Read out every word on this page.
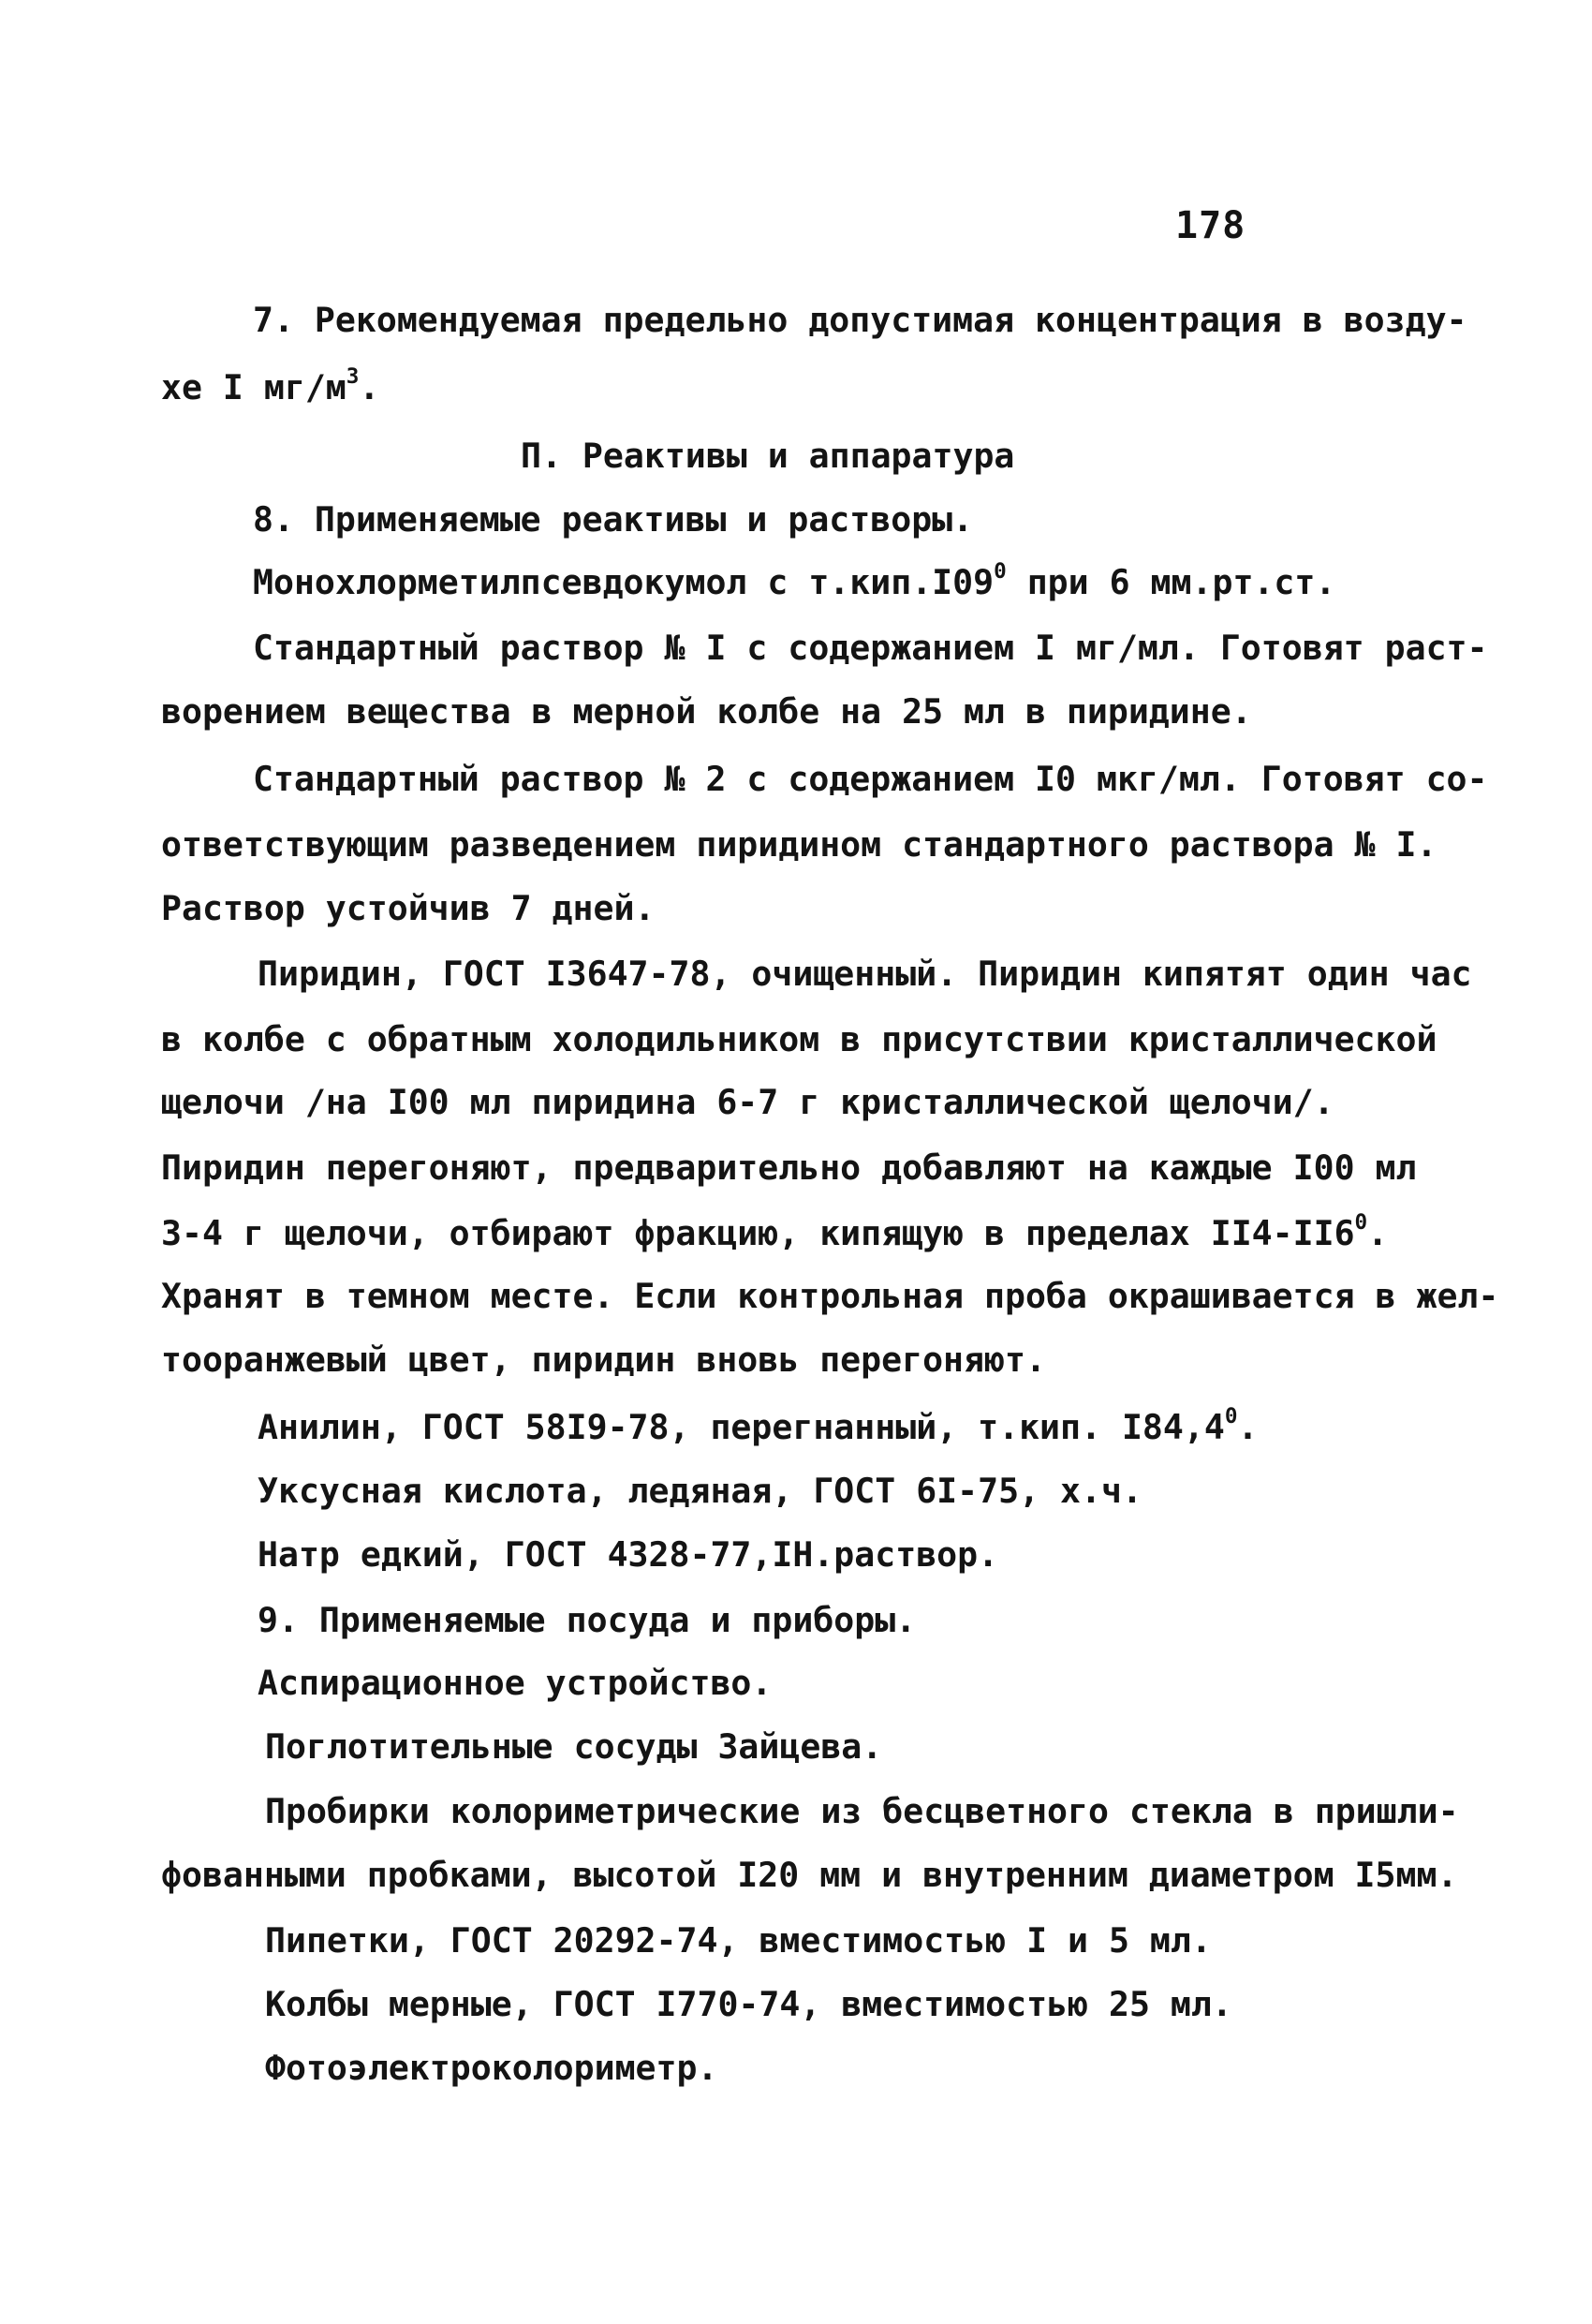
178
7. Рекомендуемая предельно допустимая концентрация в возду-
хе I $мг/м^3$.
П. Реактивы и аппаратура
8. Применяемые реактивы и растворы.
Монохлорметилпсевдокумол с $т.кип.I09^0$ при 6 мм.рт.ст.
Стандартный раствор № I с содержанием I мг/мл. Готовят раст-
ворением вещества в мерной колбе на 25 мл в пиридине.
Стандартный раствор № 2 с содержанием I0 мкг/мл. Готовят со-
ответствующим разведением пиридином стандартного раствора № I.
Раствор устойчив 7 дней.
Пиридин, ГОСТ I3647-78, очищенный. Пиридин кипятят один час
в колбе с обратным холодильником в присутствии кристаллической
щелочи /на I00 мл пиридина 6-7 г кристаллической щелочи/.
Пиридин перегоняют, предварительно добавляют на каждые I00 мл
3-4 г щелочи, отбирают фракцию, кипящую в пределах $II4-II6^0$.
Хранят в темном месте. Если контрольная проба окрашивается в жел-
тооранжевый цвет, пиридин вновь перегоняют.
Анилин, ГОСТ 58I9-78, перегнанный, т.кип. I84,4$^0$.
Уксусная кислота, ледяная, ГОСТ 6I-75, х.ч.
Натр едкий, ГОСТ 4328-77,IН.раствор.
9. Применяемые посуда и приборы.
Аспирационное устройство.
Поглотительные сосуды Зайцева.
Пробирки колориметрические из бесцветного стекла в пришли-
фованными пробками, высотой I20 мм и внутренним диаметром I5мм.
Пипетки, ГОСТ 20292-74, вместимостью I и 5 мл.
Колбы мерные, ГОСТ I770-74, вместимостью 25 мл.
Фотоэлектроколориметр.
